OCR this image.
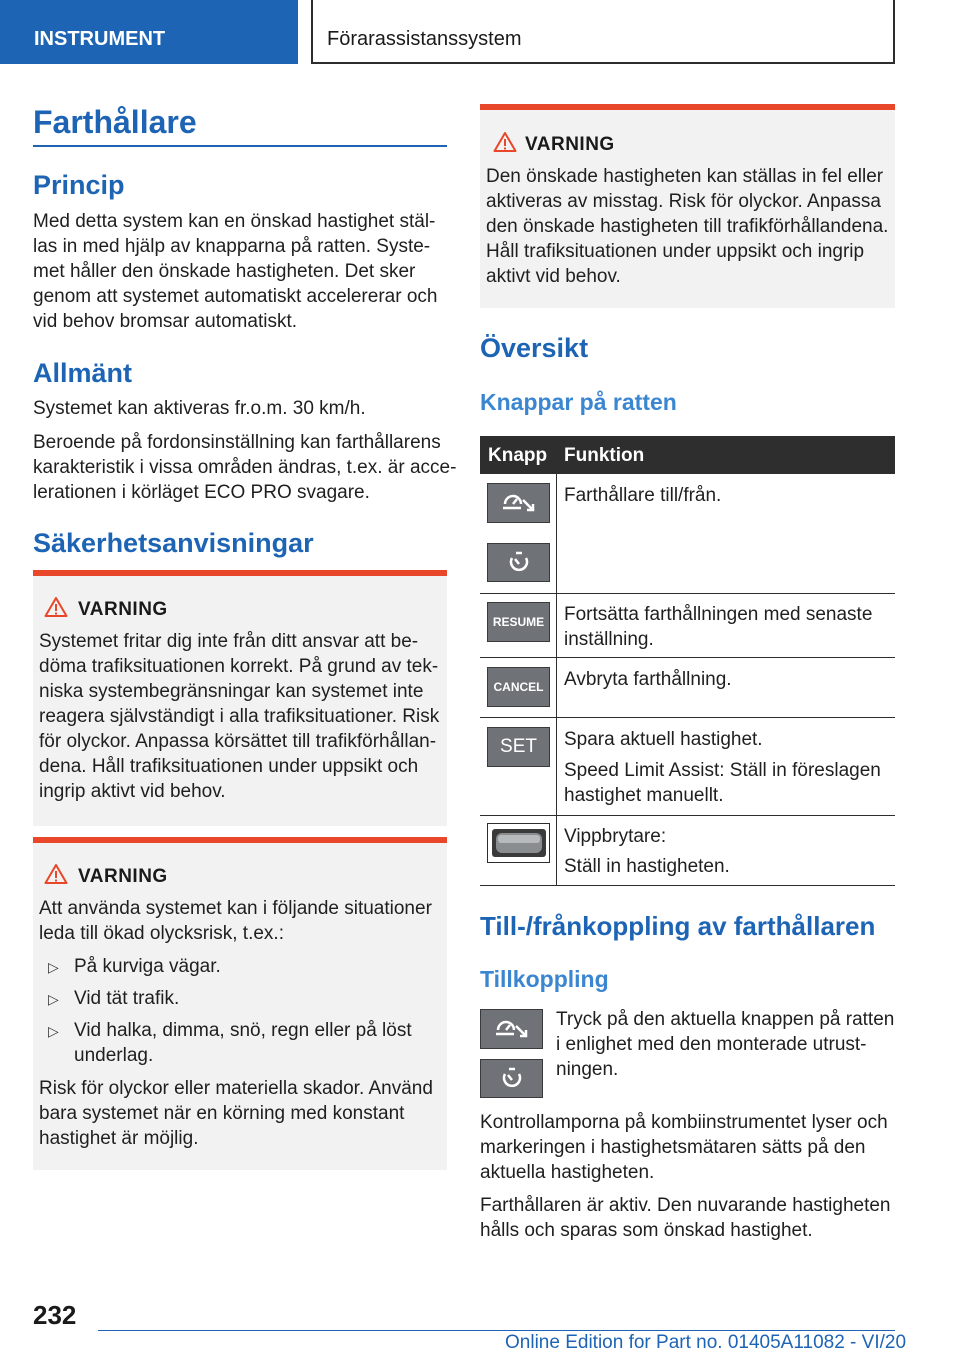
INSTRUMENT	Förarassistanssystem
Farthållare
Princip

Med detta system kan en önskad hastighet stäl‐

las in med hjälp av knapparna på ratten. Syste‐

met håller den önskade hastigheten. Det sker

genom att systemet automatiskt accelererar och

vid behov bromsar automatiskt.

Allmänt

Systemet kan aktiveras fr.o.m. 30 km/h.

Beroende på fordonsinställning kan farthållarens

karakteristik i vissa områden ändras, t.ex. är acce‐

lerationen i körläget ECO PRO svagare.

Säkerhetsanvisningar
VARNING

Systemet fritar dig inte från ditt ansvar att be‐

döma trafiksituationen korrekt. På grund av tek‐

niska systembegränsningar kan systemet inte

reagera självständigt i alla trafiksituationer. Risk

för olyckor. Anpassa körsättet till trafikförhållan‐

dena. Håll trafiksituationen under uppsikt och

ingrip aktivt vid behov.

VARNING

Att använda systemet kan i följande situationer

leda till ökad olycksrisk, t.ex.:

▷ På kurviga vägar.

▷ Vid tät trafik.

▷ Vid halka, dimma, snö, regn eller på löst

underlag.

Risk för olyckor eller materiella skador. Använd

bara systemet när en körning med konstant

hastighet är möjlig.

VARNING

Den önskade hastigheten kan ställas in fel eller

aktiveras av misstag. Risk för olyckor. Anpassa

den önskade hastigheten till trafikförhållandena.

Håll trafiksituationen under uppsikt och ingrip

aktivt vid behov.

Översikt
Knappar på ratten
Knapp Funktion
Farthållare till/från.
RESUME Fortsätta farthållningen med senaste
inställning.
CANCEL Avbryta farthållning.
SET Spara aktuell hastighet.
Speed Limit Assist: Ställ in föreslagen
hastighet manuellt.
Vippbrytare:
Ställ in hastigheten.
Till-/frånkoppling av farthållaren
Tillkoppling

Tryck på den aktuella knappen på ratten

i enlighet med den monterade utrust‐

ningen.

Kontrollamporna på kombiinstrumentet lyser och

markeringen i hastighetsmätaren sätts på den

aktuella hastigheten.

Farthållaren är aktiv. Den nuvarande hastigheten

hålls och sparas som önskad hastighet.

232
Online Edition for Part no. 01405A11082 - VI/20
